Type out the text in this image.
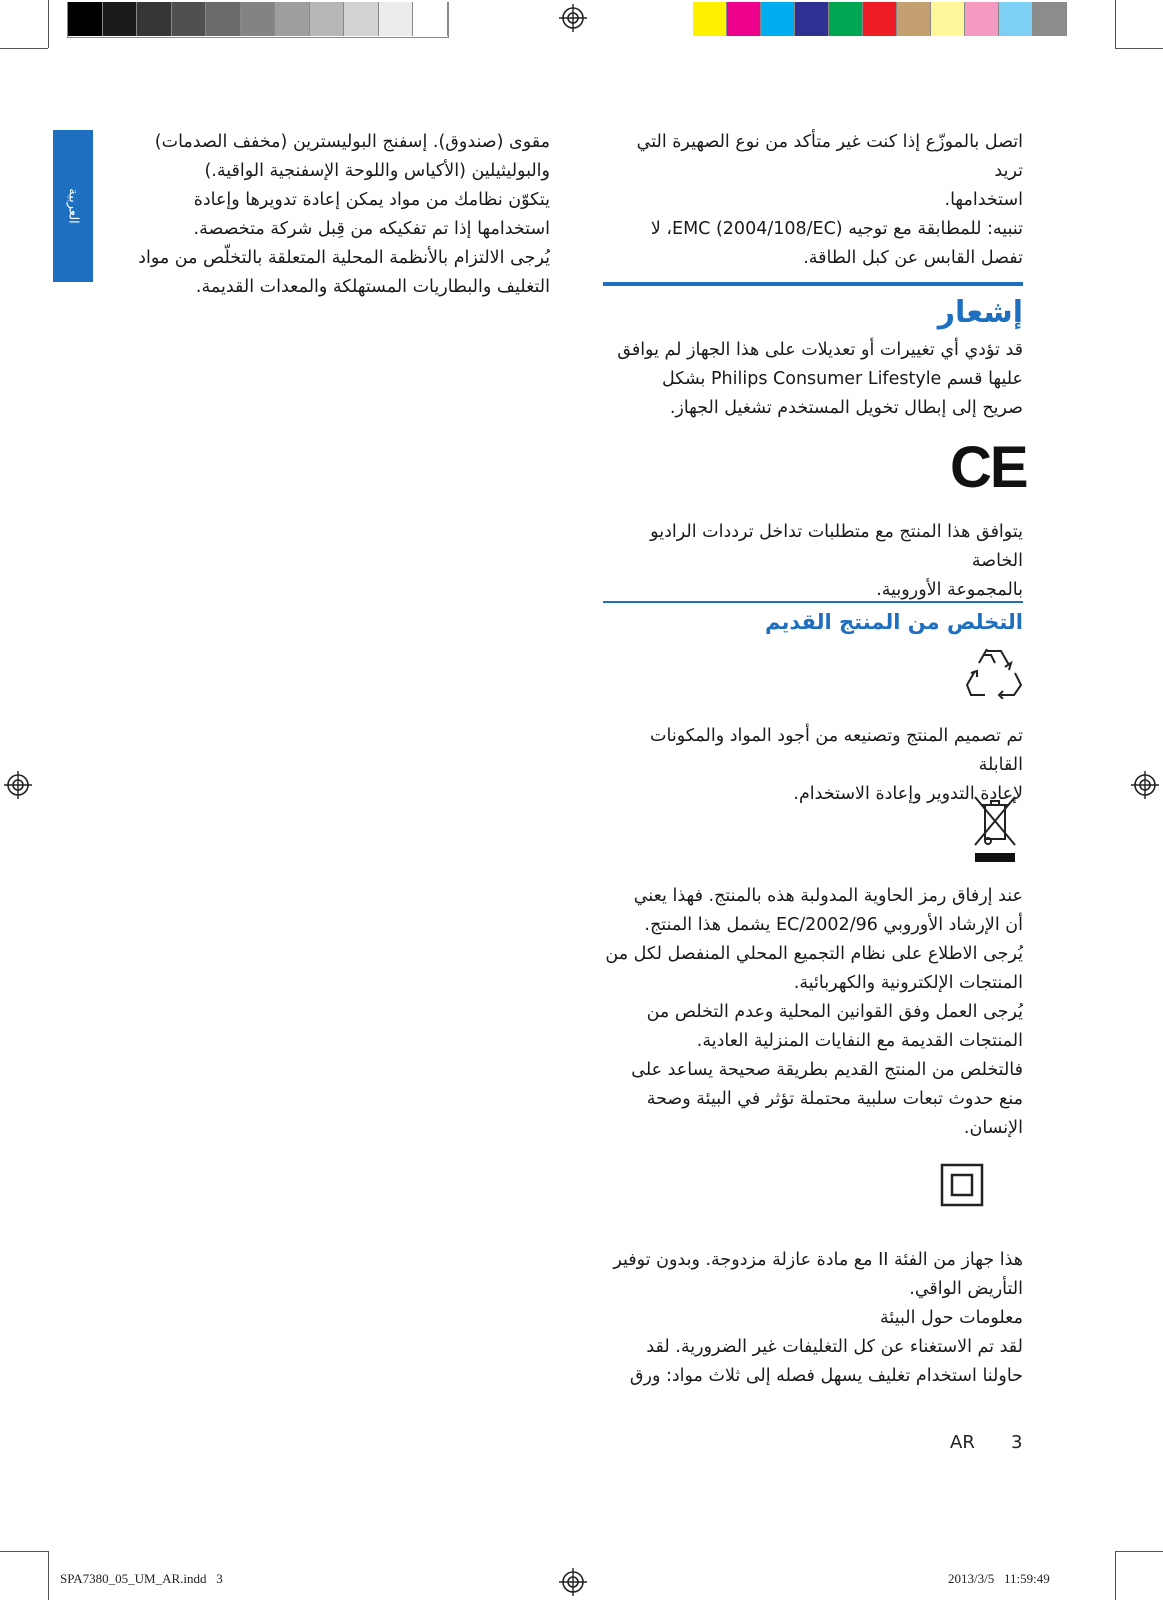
العربية

مقوى (صندوق). إسفنج البوليسترين (مخفف الصدمات)

والبوليثيلين (الأكياس واللوحة الإسفنجية الواقية.)

يتكوّن نظامك من مواد يمكن إعادة تدويرها وإعادة

استخدامها إذا تم تفكيكه من قِبل شركة متخصصة.

يُرجى الالتزام بالأنظمة المحلية المتعلقة بالتخلّص من مواد

التغليف والبطاريات المستهلكة والمعدات القديمة.

اتصل بالموزّع إذا كنت غير متأكد من نوع الصهيرة التي تريد

استخدامها.

تنبيه: للمطابقة مع توجيه EMC (2004/108/EC)، لا

تفصل القابس عن كبل الطاقة.

إشعار

قد تؤدي أي تغييرات أو تعديلات على هذا الجهاز لم يوافق

عليها قسم Philips Consumer Lifestyle بشكل

صريح إلى إبطال تخويل المستخدم تشغيل الجهاز.

CE

يتوافق هذا المنتج مع متطلبات تداخل ترددات الراديو الخاصة

بالمجموعة الأوروبية.

التخلص من المنتج القديم

تم تصميم المنتج وتصنيعه من أجود المواد والمكونات القابلة

لإعادة التدوير وإعادة الاستخدام.

عند إرفاق رمز الحاوية المدولبة هذه بالمنتج. فهذا يعني

أن الإرشاد الأوروبي 2002/96/EC يشمل هذا المنتج.

يُرجى الاطلاع على نظام التجميع المحلي المنفصل لكل من

المنتجات الإلكترونية والكهربائية.

يُرجى العمل وفق القوانين المحلية وعدم التخلص من

المنتجات القديمة مع النفايات المنزلية العادية.

فالتخلص من المنتج القديم بطريقة صحيحة يساعد على

منع حدوث تبعات سلبية محتملة تؤثر في البيئة وصحة

الإنسان.

هذا جهاز من الفئة II مع مادة عازلة مزدوجة. وبدون توفير

التأريض الواقي.

معلومات حول البيئة

لقد تم الاستغناء عن كل التغليفات غير الضرورية. لقد

حاولنا استخدام تغليف يسهل فصله إلى ثلاث مواد: ورق

AR 3
SPA7380_05_UM_AR.indd   3	2013/3/5   11:59:49
